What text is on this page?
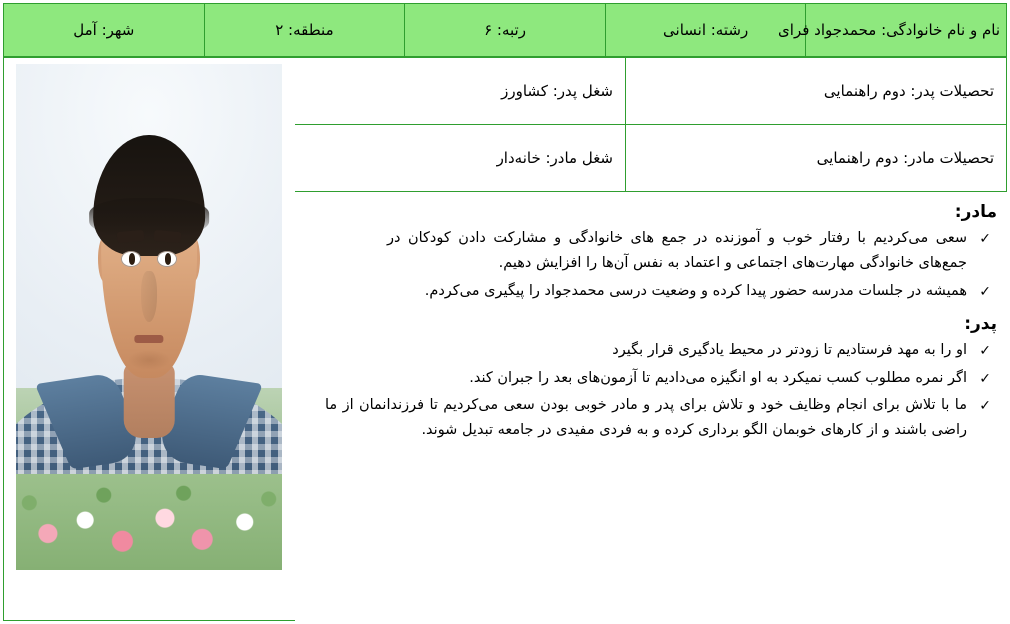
نام و نام خانوادگی: محمدجواد فرای	رشته: انسانی	رتبه: ۶	منطقه: ۲	شهر: آمل
تحصیلات پدر: دوم راهنمایی	شغل پدر: کشاورز
تحصیلات مادر: دوم راهنمایی	شغل مادر: خانه‌دار
مادر:
✓
سعی می‌کردیم با رفتار خوب و آموزنده در جمع های خانوادگی و مشارکت دادن کودکان در جمع‌های خانوادگی مهارت‌های اجتماعی و اعتماد به نفس آن‌ها را افزایش دهیم.
✓
همیشه در جلسات مدرسه حضور پیدا کرده و وضعیت درسی محمدجواد را پیگیری می‌کردم.
پدر:
✓
او را به مهد فرستادیم تا زودتر در محیط یادگیری قرار بگیرد
✓
اگر نمره مطلوب کسب نمیکرد به او انگیزه می‌دادیم تا آزمون‌های بعد را جبران کند.
✓
ما با تلاش برای انجام وظایف خود و تلاش برای پدر و مادر خوبی بودن سعی می‌کردیم تا فرزندانمان از ما راضی باشند و از کارهای خوبمان الگو برداری کرده و به فردی مفیدی در جامعه تبدیل شوند.
